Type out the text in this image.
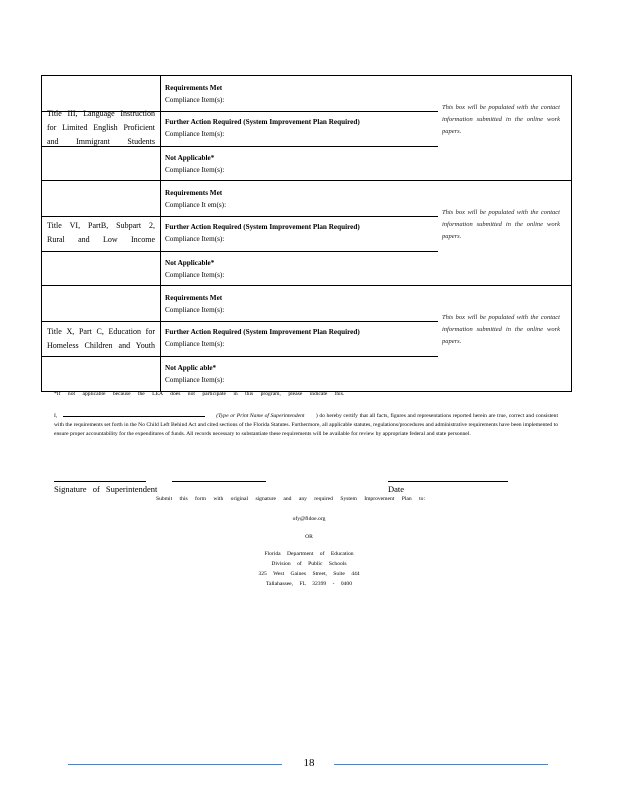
Title III, Language Instruction for Limited English Proficient and Immigrant Students
Requirements Met
Compliance Item(s):
Further Action Required (System Improvement Plan Required)
Compliance Item(s):
Not Applicable*
Compliance Item(s):
This box will be populated with the contact information submitted in the online work papers.
Title VI, PartB, Subpart 2, Rural and Low Income
Requirements Met
Compliance It em(s):
Further Action Required (System Improvement Plan Required)
Compliance Item(s):
Not Applicable*
Compliance Item(s):
This box will be populated with the contact information submitted in the online work papers.
Title X, Part C, Education for Homeless Children and Youth
Requirements Met
Compliance Item(s):
Further Action Required (System Improvement Plan Required)
Compliance Item(s):
Not Applic able*
Compliance Item(s):
This box will be populated with the contact information submitted in the online work papers.
*If not applicable because the LEA does not participate in this program, please indicate this.
I,	(Type or Print Name of Superintendent ) do hereby certify that all facts, figures and representations reported herein are true, correct and consistent with the requirements set forth in the No Child Left Behind Act and cited sections of the Florida Statutes. Furthermore, all applicable statutes, regulations/procedures and administrative requirements have been implemented to ensure proper accountability for the expenditures of funds. All records necessary to substantiate these requirements will be available for review by appropriate federal and state personnel.
Signature of Superintendent	Date
Submit this form with original signature and any required System Improvement Plan to:
ofy@fldoe.org
OR
Florida Department of Education
Division of Public Schools
325 West Gaines Street, Suite 444
Tallahassee, FL 32399 - 0400
18
